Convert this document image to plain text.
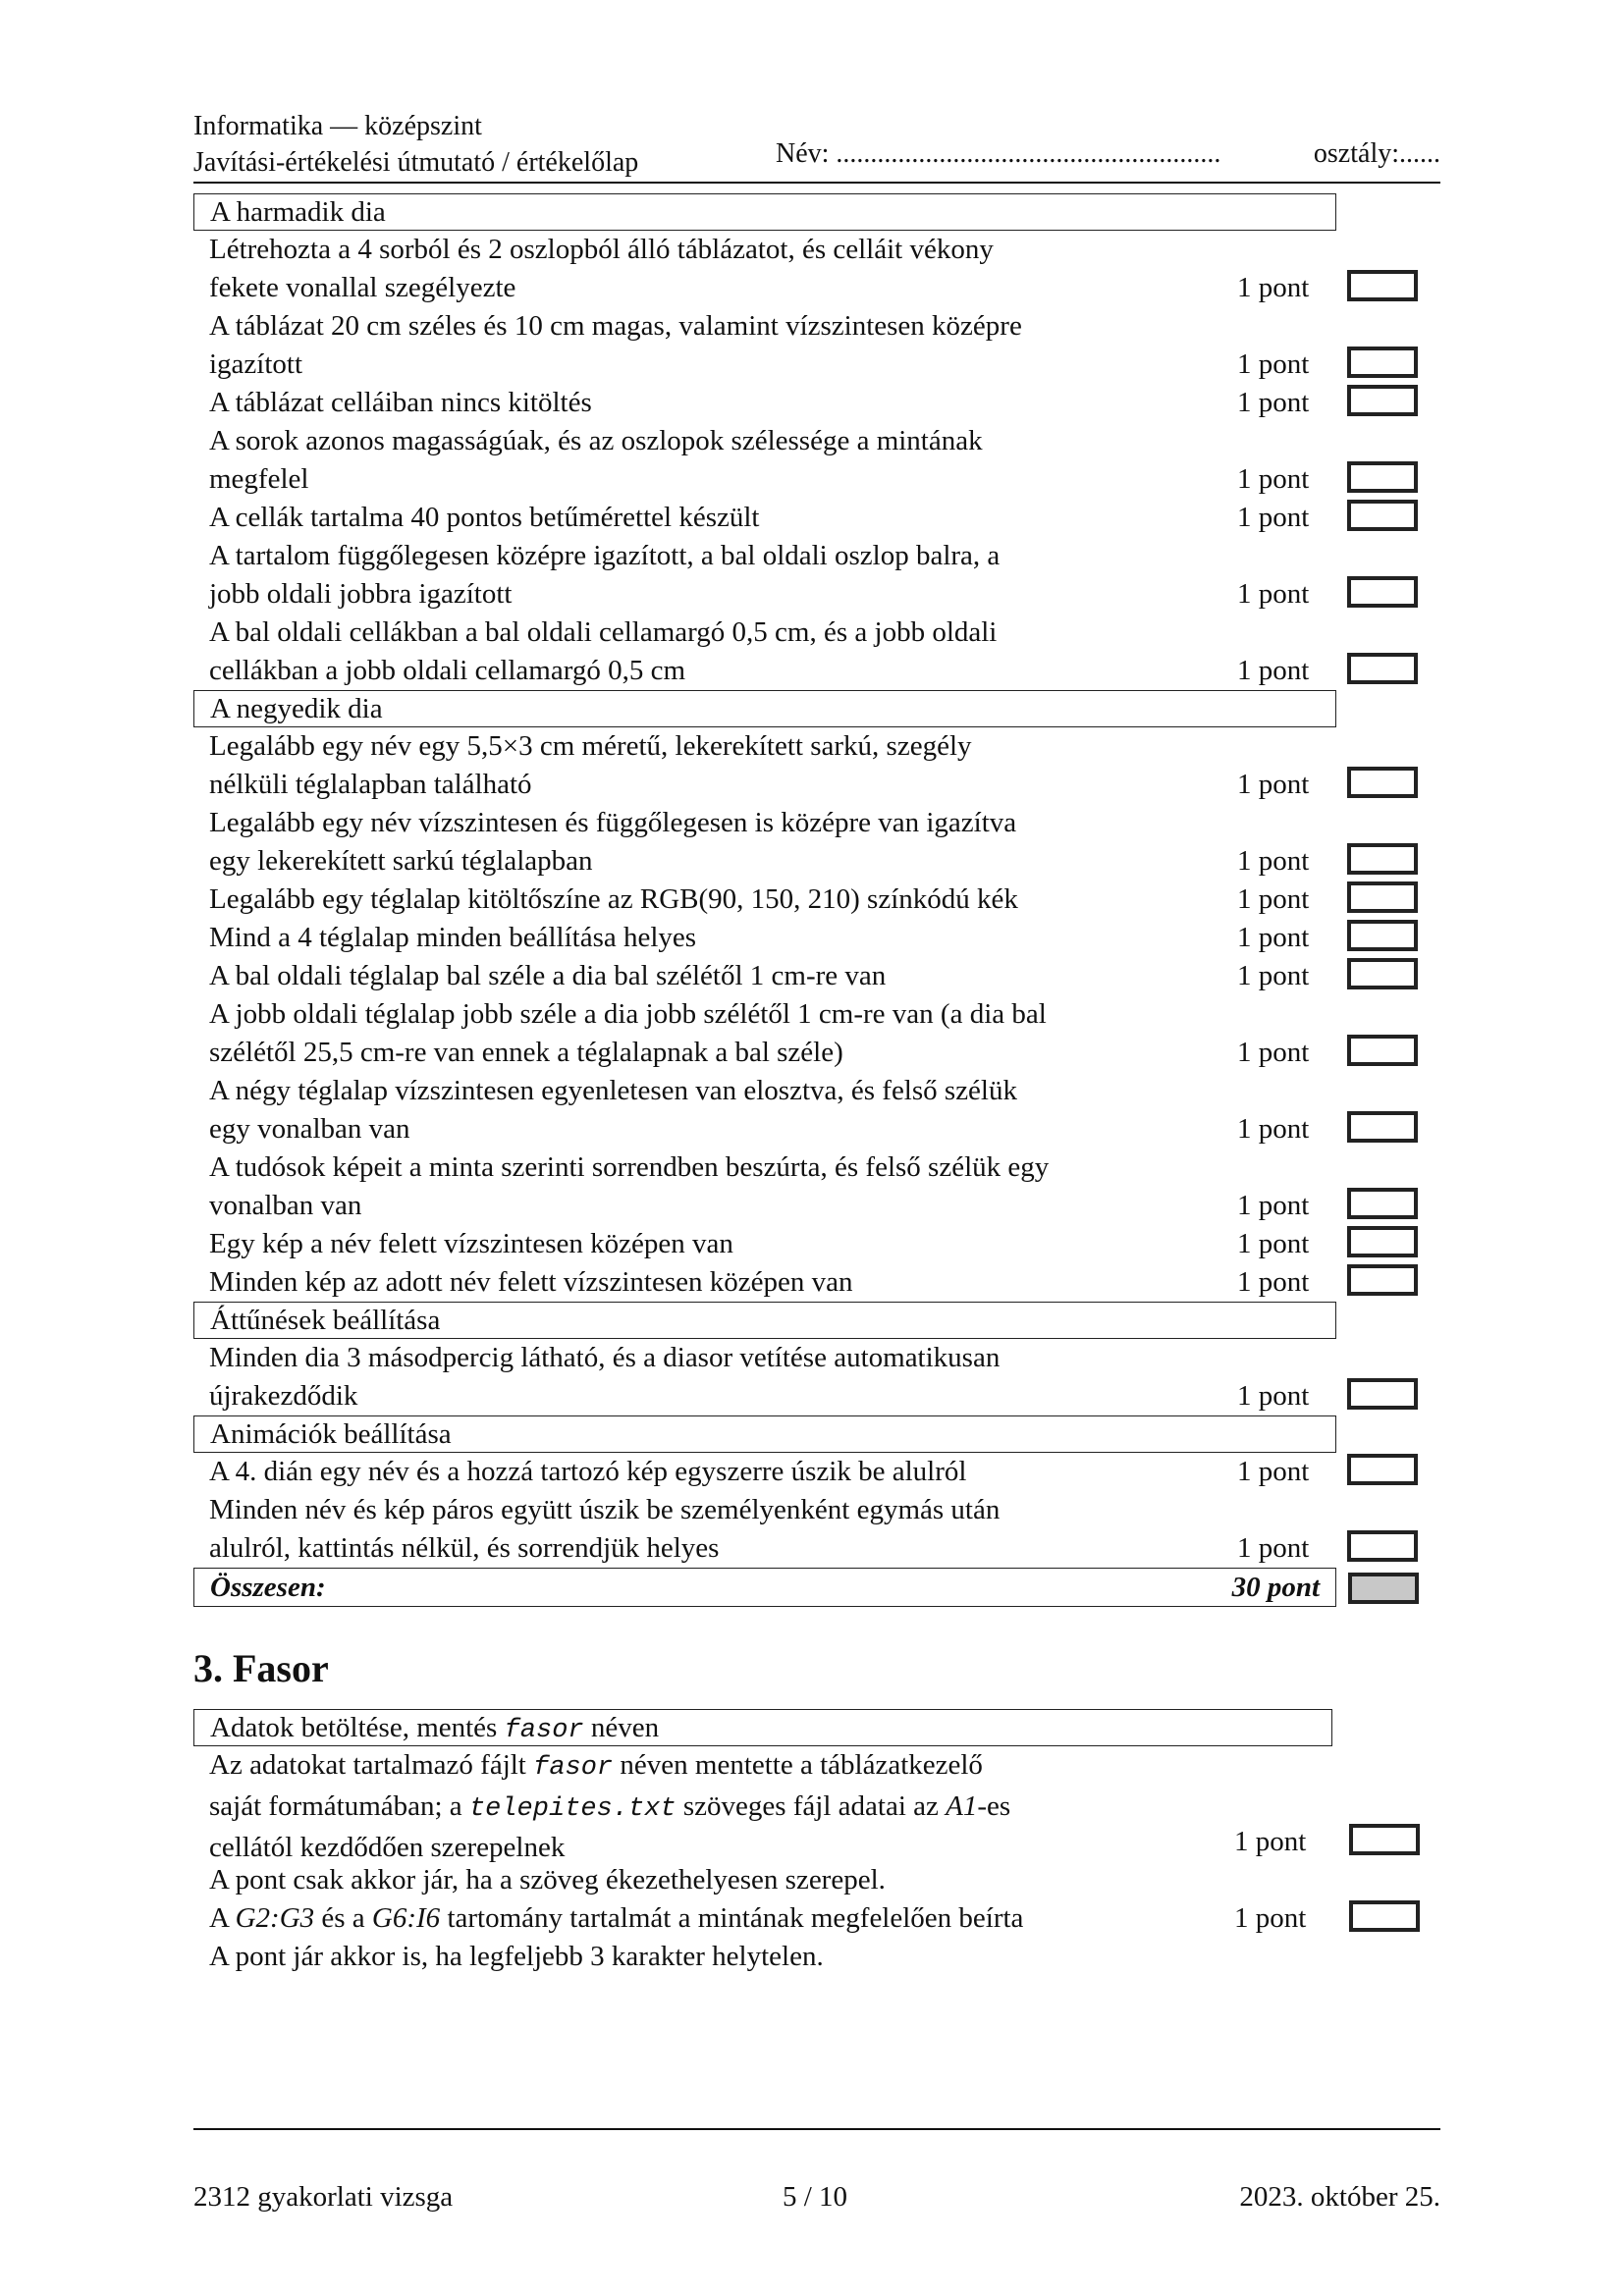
Informatika — középszint
Javítási-értékelési útmutató / értékelőlap	Név: ........................................................	osztály:......
A harmadik dia
Létrehozta a 4 sorból és 2 oszlopból álló táblázatot, és celláit vékony
fekete vonallal szegélyezte	1 pont
A táblázat 20 cm széles és 10 cm magas, valamint vízszintesen középre
igazított	1 pont
A táblázat celláiban nincs kitöltés	1 pont
A sorok azonos magasságúak, és az oszlopok szélessége a mintának
megfelel	1 pont
A cellák tartalma 40 pontos betűmérettel készült	1 pont
A tartalom függőlegesen középre igazított, a bal oldali oszlop balra, a
jobb oldali jobbra igazított	1 pont
A bal oldali cellákban a bal oldali cellamargó 0,5 cm, és a jobb oldali
cellákban a jobb oldali cellamargó 0,5 cm	1 pont
A negyedik dia
Legalább egy név egy 5,5×3 cm méretű, lekerekített sarkú, szegély
nélküli téglalapban található	1 pont
Legalább egy név vízszintesen és függőlegesen is középre van igazítva
egy lekerekített sarkú téglalapban	1 pont
Legalább egy téglalap kitöltőszíne az RGB(90, 150, 210) színkódú kék	1 pont
Mind a 4 téglalap minden beállítása helyes	1 pont
A bal oldali téglalap bal széle a dia bal szélétől 1 cm-re van	1 pont
A jobb oldali téglalap jobb széle a dia jobb szélétől 1 cm-re van (a dia bal
szélétől 25,5 cm-re van ennek a téglalapnak a bal széle)	1 pont
A négy téglalap vízszintesen egyenletesen van elosztva, és felső szélük
egy vonalban van	1 pont
A tudósok képeit a minta szerinti sorrendben beszúrta, és felső szélük egy
vonalban van	1 pont
Egy kép a név felett vízszintesen középen van	1 pont
Minden kép az adott név felett vízszintesen középen van	1 pont
Áttűnések beállítása
Minden dia 3 másodpercig látható, és a diasor vetítése automatikusan
újrakezdődik	1 pont
Animációk beállítása
A 4. dián egy név és a hozzá tartozó kép egyszerre úszik be alulról	1 pont
Minden név és kép páros együtt úszik be személyenként egymás után
alulról, kattintás nélkül, és sorrendjük helyes	1 pont
Összesen:	30 pont
3. Fasor
Adatok betöltése, mentés fasor néven
Az adatokat tartalmazó fájlt fasor néven mentette a táblázatkezelő
saját formátumában; a telepites.txt szöveges fájl adatai az A1-es
cellától kezdődően szerepelnek	1 pont
A pont csak akkor jár, ha a szöveg ékezethelyesen szerepel.
A G2:G3 és a G6:I6 tartomány tartalmát a mintának megfelelően beírta	1 pont
A pont jár akkor is, ha legfeljebb 3 karakter helytelen.
2312 gyakorlati vizsga	5 / 10	2023. október 25.
